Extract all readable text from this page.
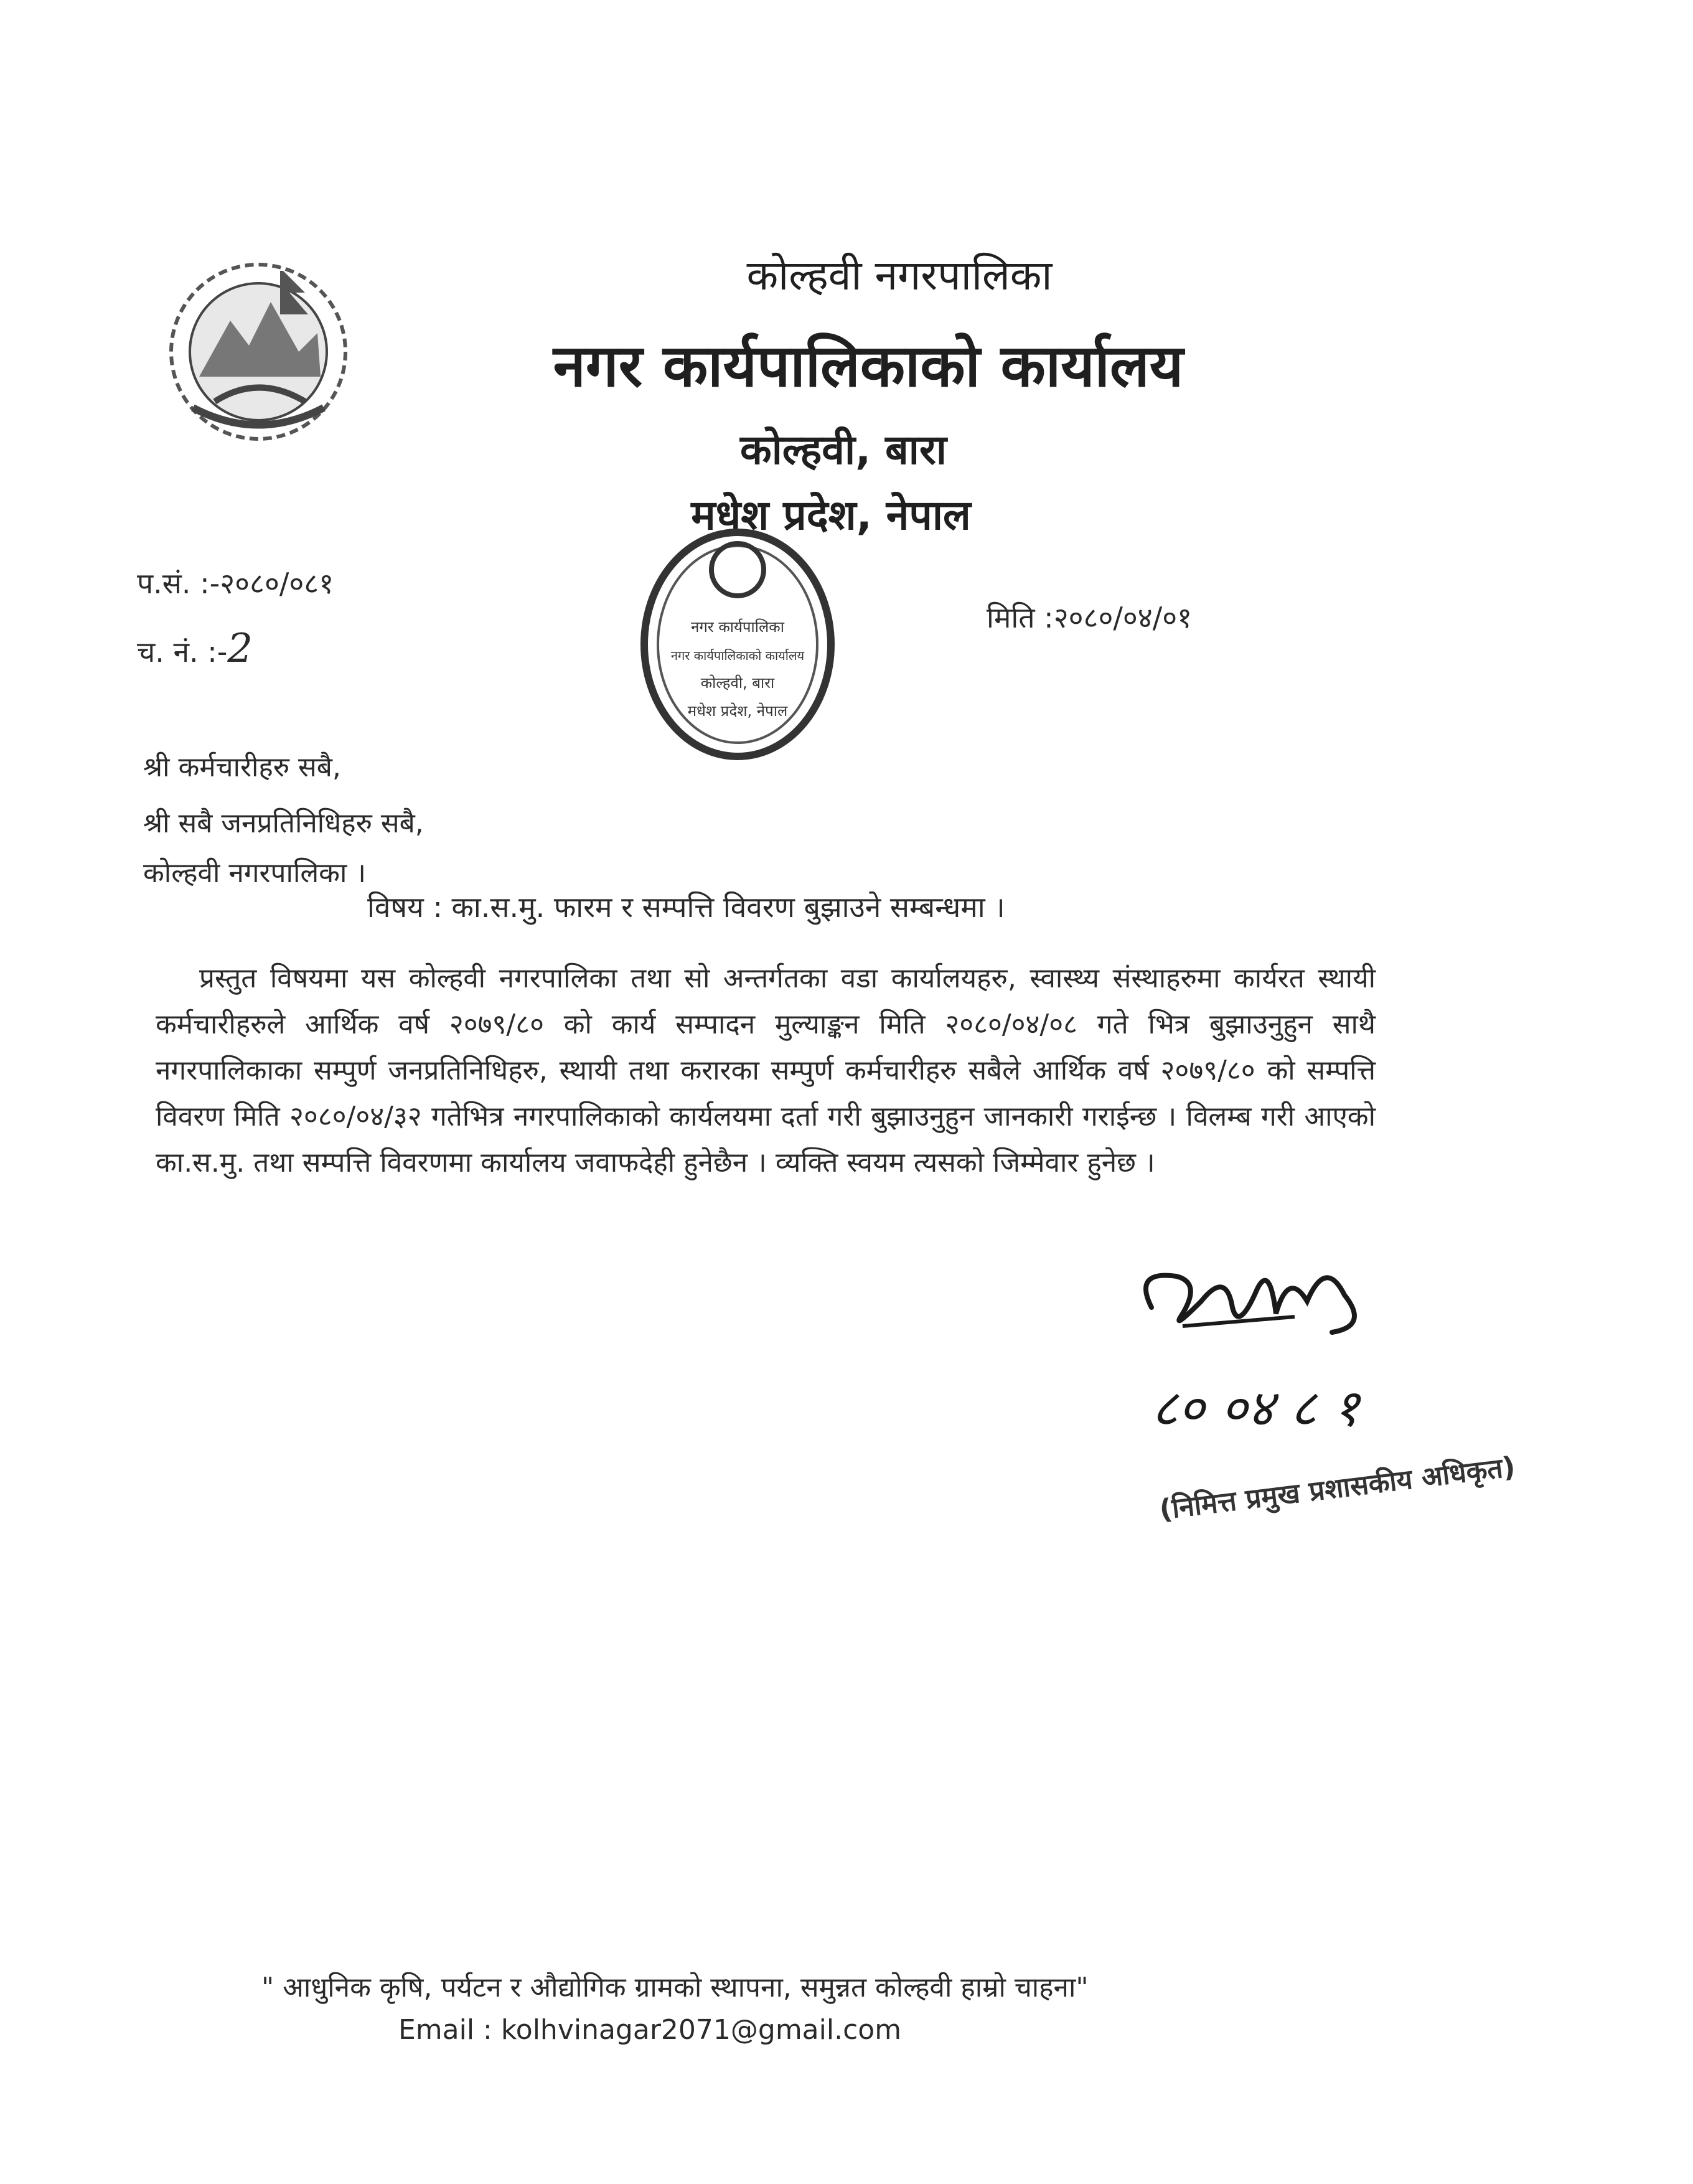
कोल्हवी नगरपालिका
नगर कार्यपालिकाको कार्यालय
कोल्हवी, बारा
मधेश प्रदेश, नेपाल
नगर कार्यपालिका
नगर कार्यपालिकाको कार्यालय
कोल्हवी, बारा
मधेश प्रदेश, नेपाल
प.सं. :-२०८०/०८१
च. नं. :-2
मिति :२०८०/०४/०१
श्री कर्मचारीहरु सबै,
श्री सबै जनप्रतिनिधिहरु सबै,
कोल्हवी नगरपालिका ।
विषय : का.स.मु. फारम र सम्पत्ति विवरण बुझाउने सम्बन्धमा ।
प्रस्तुत विषयमा यस कोल्हवी नगरपालिका तथा सो अन्तर्गतका वडा कार्यालयहरु, स्वास्थ्य संस्थाहरुमा कार्यरत स्थायी कर्मचारीहरुले आर्थिक वर्ष २०७९/८० को कार्य सम्पादन मुल्याङ्कन मिति २०८०/०४/०८ गते भित्र बुझाउनुहुन साथै नगरपालिकाका सम्पुर्ण जनप्रतिनिधिहरु, स्थायी तथा करारका सम्पुर्ण कर्मचारीहरु सबैले आर्थिक वर्ष २०७९/८० को सम्पत्ति विवरण मिति २०८०/०४/३२ गतेभित्र नगरपालिकाको कार्यलयमा दर्ता गरी बुझाउनुहुन जानकारी गराईन्छ । विलम्ब गरी आएको का.स.मु. तथा सम्पत्ति विवरणमा कार्यालय जवाफदेही हुनेछैन । व्यक्ति स्वयम त्यसको जिम्मेवार हुनेछ ।
८० ०४ ८ १
(निमित्त प्रमुख प्रशासकीय अधिकृत)
" आधुनिक कृषि, पर्यटन र औद्योगिक ग्रामको स्थापना, समुन्नत कोल्हवी हाम्रो चाहना"
Email : kolhvinagar2071@gmail.com
